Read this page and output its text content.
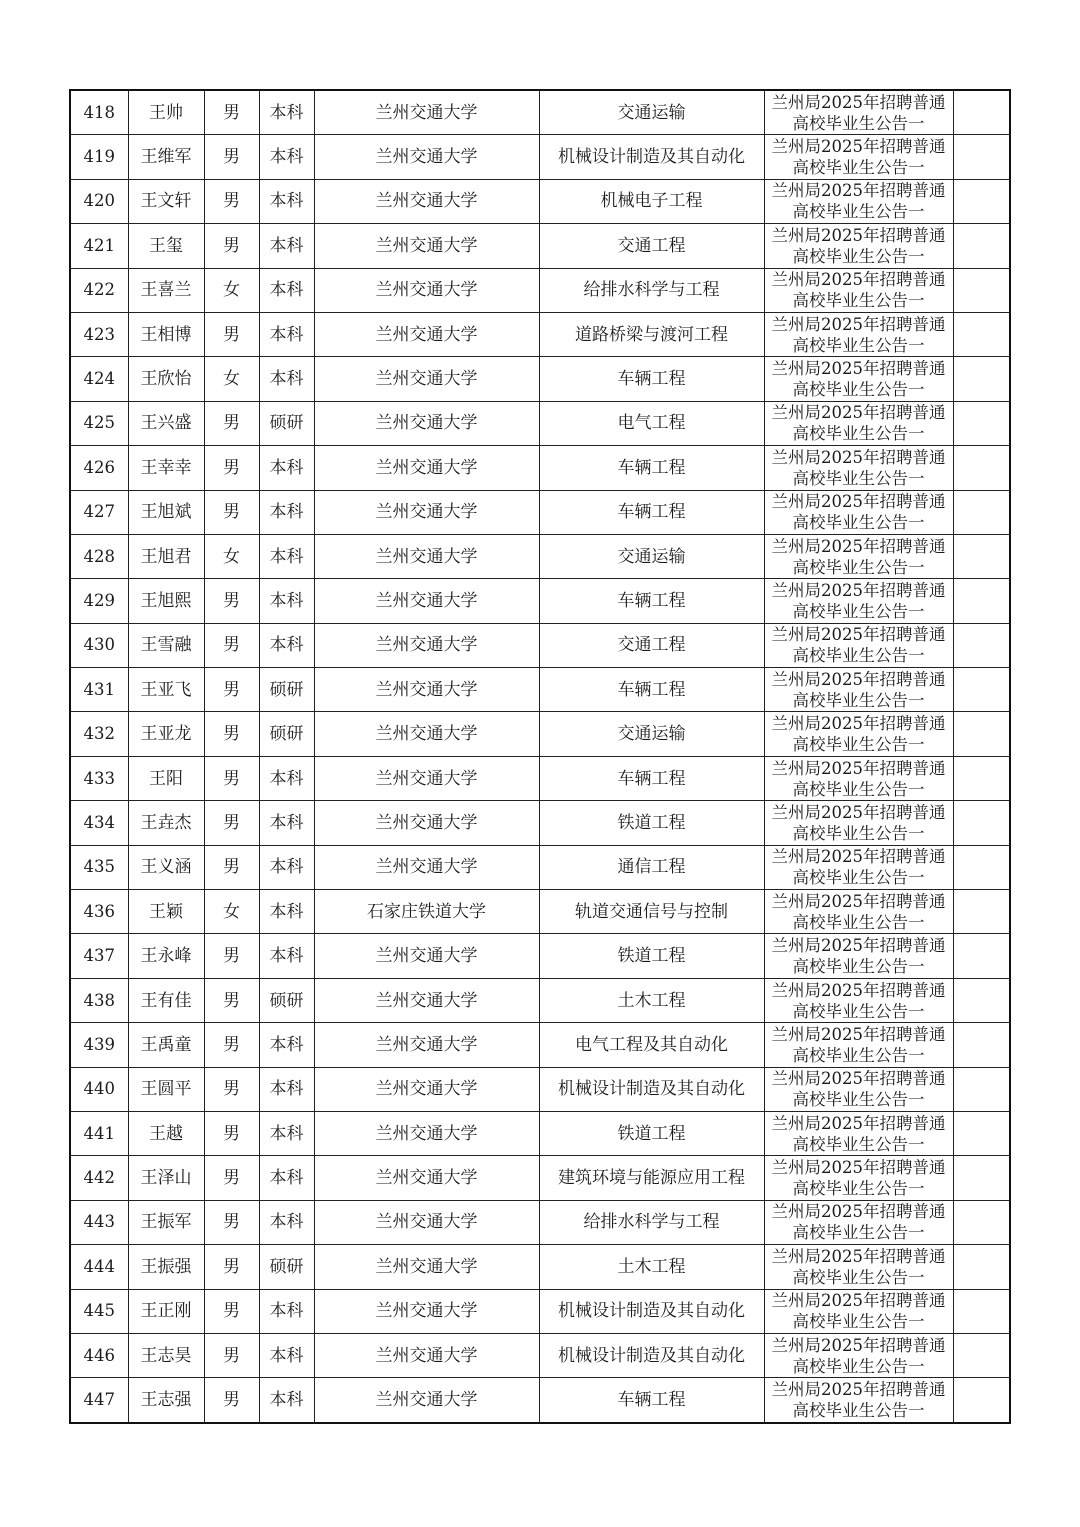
418	王帅	男	本科	兰州交通大学	交通运输	兰州局2025年招聘普通
高校毕业生公告一	

419	王维军	男	本科	兰州交通大学	机械设计制造及其自动化	兰州局2025年招聘普通
高校毕业生公告一	

420	王文轩	男	本科	兰州交通大学	机械电子工程	兰州局2025年招聘普通
高校毕业生公告一	

421	王玺	男	本科	兰州交通大学	交通工程	兰州局2025年招聘普通
高校毕业生公告一	

422	王喜兰	女	本科	兰州交通大学	给排水科学与工程	兰州局2025年招聘普通
高校毕业生公告一	

423	王相博	男	本科	兰州交通大学	道路桥梁与渡河工程	兰州局2025年招聘普通
高校毕业生公告一	

424	王欣怡	女	本科	兰州交通大学	车辆工程	兰州局2025年招聘普通
高校毕业生公告一	

425	王兴盛	男	硕研	兰州交通大学	电气工程	兰州局2025年招聘普通
高校毕业生公告一	

426	王幸幸	男	本科	兰州交通大学	车辆工程	兰州局2025年招聘普通
高校毕业生公告一	

427	王旭斌	男	本科	兰州交通大学	车辆工程	兰州局2025年招聘普通
高校毕业生公告一	

428	王旭君	女	本科	兰州交通大学	交通运输	兰州局2025年招聘普通
高校毕业生公告一	

429	王旭熙	男	本科	兰州交通大学	车辆工程	兰州局2025年招聘普通
高校毕业生公告一	

430	王雪融	男	本科	兰州交通大学	交通工程	兰州局2025年招聘普通
高校毕业生公告一	

431	王亚飞	男	硕研	兰州交通大学	车辆工程	兰州局2025年招聘普通
高校毕业生公告一	

432	王亚龙	男	硕研	兰州交通大学	交通运输	兰州局2025年招聘普通
高校毕业生公告一	

433	王阳	男	本科	兰州交通大学	车辆工程	兰州局2025年招聘普通
高校毕业生公告一	

434	王垚杰	男	本科	兰州交通大学	铁道工程	兰州局2025年招聘普通
高校毕业生公告一	

435	王义涵	男	本科	兰州交通大学	通信工程	兰州局2025年招聘普通
高校毕业生公告一	

436	王颖	女	本科	石家庄铁道大学	轨道交通信号与控制	兰州局2025年招聘普通
高校毕业生公告一	

437	王永峰	男	本科	兰州交通大学	铁道工程	兰州局2025年招聘普通
高校毕业生公告一	

438	王有佳	男	硕研	兰州交通大学	土木工程	兰州局2025年招聘普通
高校毕业生公告一	

439	王禹童	男	本科	兰州交通大学	电气工程及其自动化	兰州局2025年招聘普通
高校毕业生公告一	

440	王圆平	男	本科	兰州交通大学	机械设计制造及其自动化	兰州局2025年招聘普通
高校毕业生公告一	

441	王越	男	本科	兰州交通大学	铁道工程	兰州局2025年招聘普通
高校毕业生公告一	

442	王泽山	男	本科	兰州交通大学	建筑环境与能源应用工程	兰州局2025年招聘普通
高校毕业生公告一	

443	王振军	男	本科	兰州交通大学	给排水科学与工程	兰州局2025年招聘普通
高校毕业生公告一	

444	王振强	男	硕研	兰州交通大学	土木工程	兰州局2025年招聘普通
高校毕业生公告一	

445	王正刚	男	本科	兰州交通大学	机械设计制造及其自动化	兰州局2025年招聘普通
高校毕业生公告一	

446	王志昊	男	本科	兰州交通大学	机械设计制造及其自动化	兰州局2025年招聘普通
高校毕业生公告一	

447	王志强	男	本科	兰州交通大学	车辆工程	兰州局2025年招聘普通
高校毕业生公告一	
